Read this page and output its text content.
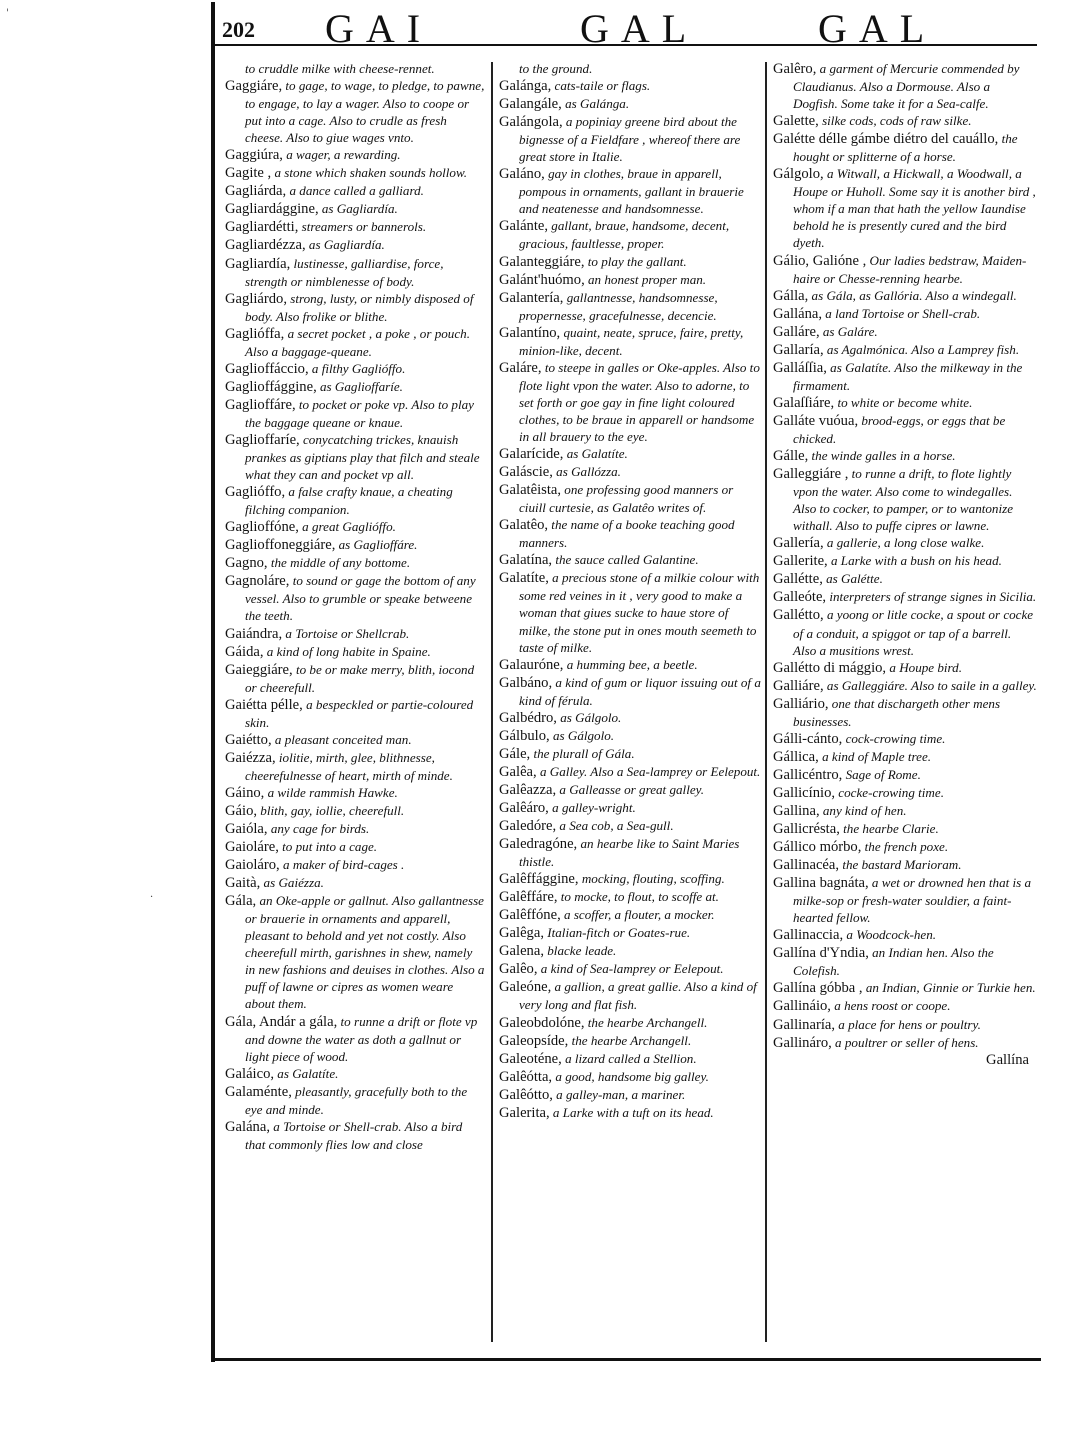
'
·
202 GAI	GAL	GAL

to cruddle milke with cheese-rennet.

Gaggiáre, to gage, to wage, to pledge, to pawne, to engage, to lay a wager. Also to coope or put into a cage. Also to crudle as fresh cheese. Also to giue wages vnto.

Gaggiúra, a wager, a rewarding.

Gagite , a stone which shaken sounds hollow.

Gagliárda, a dance called a galliard.

Gagliardággine, as Gagliardía.

Gagliardétti, streamers or bannerols.

Gagliardézza, as Gagliardía.

Gagliardía, lustinesse, galliardise, force, strength or nimblenesse of body.

Gagliárdo, strong, lusty, or nimbly disposed of body. Also frolike or blithe.

Gaglióffa, a secret pocket , a poke , or pouch. Also a baggage-queane.

Gaglioffáccio, a filthy Gaglióffo.

Gaglioffággine, as Gaglioffaríe.

Gaglioffáre, to pocket or poke vp. Also to play the baggage queane or knaue.

Gaglioffaríe, conycatching trickes, knauish prankes as giptians play that filch and steale what they can and pocket vp all.

Gaglióffo, a false crafty knaue, a cheating filching companion.

Gaglioffóne, a great Gaglióffo.

Gaglioffoneggiáre, as Gaglioffáre.

Gagno, the middle of any bottome.

Gagnoláre, to sound or gage the bottom of any vessel. Also to grumble or speake betweene the teeth.

Gaiándra, a Tortoise or Shellcrab.

Gáida, a kind of long habite in Spaine.

Gaieggiáre, to be or make merry, blith, iocond or cheerefull.

Gaiétta pélle, a bespeckled or partie-coloured skin.

Gaiétto, a pleasant conceited man.

Gaiézza, iolitie, mirth, glee, blithnesse, cheerefulnesse of heart, mirth of minde.

Gáino, a wilde rammish Hawke.

Gáio, blith, gay, iollie, cheerefull.

Gaióla, any cage for birds.

Gaioláre, to put into a cage.

Gaioláro, a maker of bird-cages .

Gaità, as Gaiézza.

Gála, an Oke-apple or gallnut. Also gallantnesse or brauerie in ornaments and apparell, pleasant to behold and yet not costly. Also cheerefull mirth, garishnes in shew, namely in new fashions and deuises in clothes. Also a puff of lawne or cipres as women weare about them.

Gála, Andár a gála, to runne a drift or flote vp and downe the water as doth a gallnut or light piece of wood.

Galáico, as Galatíte.

Galaménte, pleasantly, gracefully both to the eye and minde.

Galána, a Tortoise or Shell-crab. Also a bird that commonly flies low and close

to the ground.

Galánga, cats-taile or flags.

Galangále, as Galánga.

Galángola, a popiniay greene bird about the bignesse of a Fieldfare , whereof there are great store in Italie.

Galáno, gay in clothes, braue in apparell, pompous in ornaments, gallant in brauerie and neatenesse and handsomnesse.

Galánte, gallant, braue, handsome, decent, gracious, faultlesse, proper.

Galanteggiáre, to play the gallant.

Galánt'huómo, an honest proper man.

Galantería, gallantnesse, handsomnesse, propernesse, gracefulnesse, decencie.

Galantíno, quaint, neate, spruce, faire, pretty, minion-like, decent.

Galáre, to steepe in galles or Oke-apples. Also to flote light vpon the water. Also to adorne, to set forth or goe gay in fine light coloured clothes, to be braue in apparell or handsome in all brauery to the eye.

Galarícide, as Galatíte.

Galáscie, as Gallózza.

Galatêista, one professing good manners or ciuill curtesie, as Galatêo writes of.

Galatêo, the name of a booke teaching good manners.

Galatína, the sauce called Galantine.

Galatíte, a precious stone of a milkie colour with some red veines in it , very good to make a woman that giues sucke to haue store of milke, the stone put in ones mouth seemeth to taste of milke.

Galauróne, a humming bee, a beetle.

Galbáno, a kind of gum or liquor issuing out of a kind of férula.

Galbédro, as Gálgolo.

Gálbulo, as Gálgolo.

Gále, the plurall of Gála.

Galêa, a Galley. Also a Sea-lamprey or Eelepout.

Galêazza, a Galleasse or great galley.

Galêáro, a galley-wright.

Galedóre, a Sea cob, a Sea-gull.

Galedragóne, an hearbe like to Saint Maries thistle.

Galêffággine, mocking, flouting, scoffing.

Galêffáre, to mocke, to flout, to scoffe at.

Galêffóne, a scoffer, a flouter, a mocker.

Galêga, Italian-fitch or Goates-rue.

Galena, blacke leade.

Galêo, a kind of Sea-lamprey or Eelepout.

Galeóne, a gallion, a great gallie. Also a kind of very long and flat fish.

Galeobdolóne, the hearbe Archangell.

Galeopsíde, the hearbe Archangell.

Galeoténe, a lizard called a Stellion.

Galêótta, a good, handsome big galley.

Galêótto, a galley-man, a mariner.

Galerita, a Larke with a tuft on its head.

Galêro, a garment of Mercurie commended by Claudianus. Also a Dormouse. Also a Dogfish. Some take it for a Sea-calfe.

Galette, silke cods, cods of raw silke.

Galétte délle gámbe diétro del cauállo, the hought or splitterne of a horse.

Gálgolo, a Witwall, a Hickwall, a Woodwall, a Houpe or Huholl. Some say it is another bird , whom if a man that hath the yellow Iaundise behold he is presently cured and the bird dyeth.

Gálio, Galióne , Our ladies bedstraw, Maiden-haire or Chesse-renning hearbe.

Gálla, as Gála, as Gallória. Also a windegall.

Gallána, a land Tortoise or Shell-crab.

Galláre, as Galáre.

Gallaría, as Agalmónica. Also a Lamprey fish.

Galláſſia, as Galatíte. Also the milkeway in the firmament.

Galaſſiáre, to white or become white.

Galláte vuóua, brood-eggs, or eggs that be chicked.

Gálle, the winde galles in a horse.

Galleggiáre , to runne a drift, to flote lightly vpon the water. Also come to windegalles. Also to cocker, to pamper, or to wantonize withall. Also to puffe cipres or lawne.

Gallería, a gallerie, a long close walke.

Gallerite, a Larke with a bush on his head.

Gallétte, as Galétte.

Galleóte, interpreters of strange signes in Sicilia.

Gallétto, a yoong or litle cocke, a spout or cocke of a conduit, a spiggot or tap of a barrell. Also a musitions wrest.

Gallétto di mággio, a Houpe bird.

Galliáre, as Galleggiáre. Also to saile in a galley.

Galliário, one that dischargeth other mens businesses.

Gálli-cánto, cock-crowing time.

Gállica, a kind of Maple tree.

Gallicéntro, Sage of Rome.

Gallicínio, cocke-crowing time.

Gallina, any kind of hen.

Gallicrésta, the hearbe Clarie.

Gállico mórbo, the french poxe.

Gallinacéa, the bastard Marioram.

Gallina bagnáta, a wet or drowned hen that is a milke-sop or fresh-water souldier, a faint-hearted fellow.

Gallinaccia, a Woodcock-hen.

Gallína d'Yndia, an Indian hen. Also the Colefish.

Gallína góbba , an Indian, Ginnie or Turkie hen.

Gallináio, a hens roost or coope.

Gallinaría, a place for hens or poultry.

Gallináro, a poultrer or seller of hens.

Gallína
